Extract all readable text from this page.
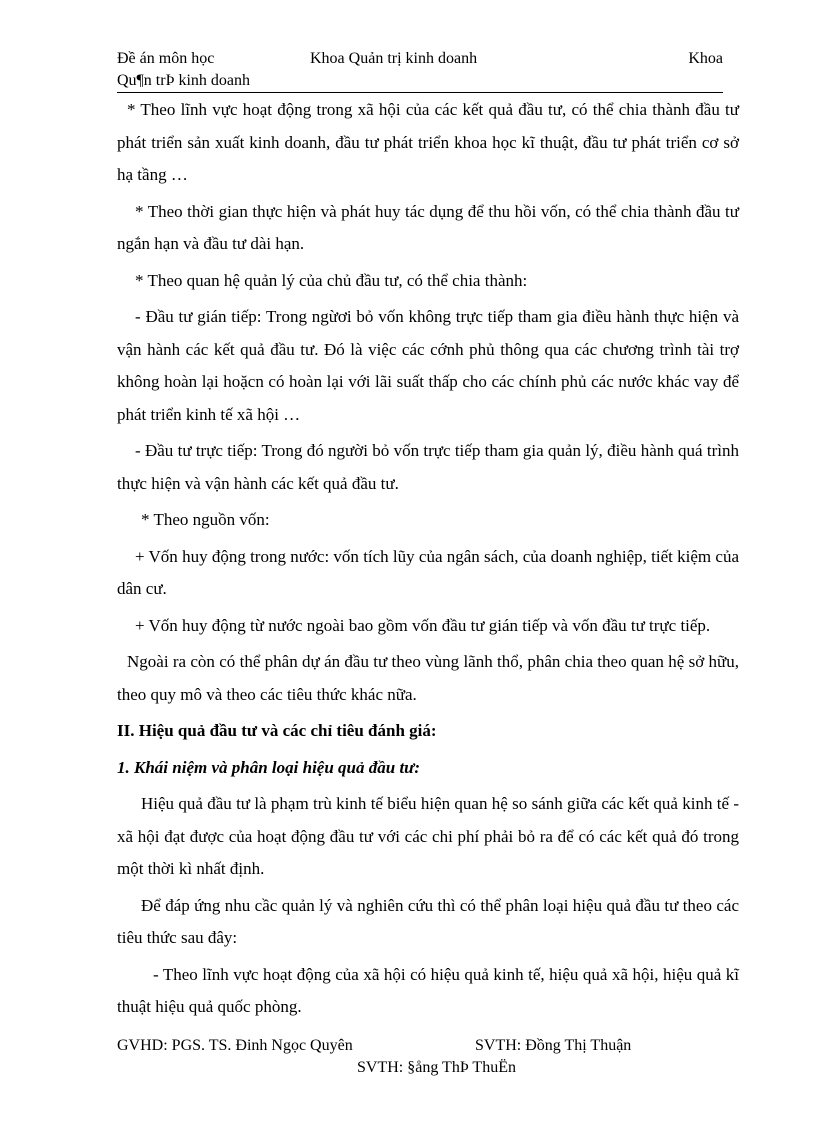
Đề án môn học	Khoa Quản trị kinh doanh	Khoa
Qu¶n trÞ kinh doanh

* Theo lĩnh vực hoạt động trong xã hội của các kết quả đầu tư, có thể chia thành đầu tư phát triển sản xuất kinh doanh, đầu tư phát triển khoa học kĩ thuật, đầu tư phát triển cơ sở hạ tầng …

* Theo thời gian thực hiện và phát huy tác dụng để thu hồi vốn, có thể chia thành đầu tư ngắn hạn và đầu tư dài hạn.

* Theo quan hệ quản lý của chủ đầu tư, có thể chia thành:

- Đầu tư gián tiếp: Trong ngừơi bỏ vốn không trực tiếp tham gia điều hành thực hiện và vận hành các kết quả đầu tư. Đó là việc các cớnh phủ thông qua các chương trình tài trợ không hoàn lại hoặcn có hoàn lại với lãi suất thấp cho các chính phủ các nước khác vay để phát triển kinh tế xã hội …

- Đầu tư trực tiếp: Trong đó người bỏ vốn trực tiếp tham gia quản lý, điều hành quá trình thực hiện và vận hành các kết quả đầu tư.

* Theo nguồn vốn:

+ Vốn huy động trong nước: vốn tích lũy của ngân sách, của doanh nghiệp, tiết kiệm của dân cư.

+ Vốn huy động từ nước ngoài bao gồm vốn đầu tư gián tiếp và vốn đầu tư trực tiếp.

Ngoài ra còn có thể phân dự án đầu tư theo vùng lãnh thổ, phân chia theo quan hệ sở hữu, theo quy mô và theo các tiêu thức khác nữa.

II. Hiệu quả đầu tư và các chỉ tiêu đánh giá:

1. Khái niệm và phân loại hiệu quả đầu tư:

Hiệu quả đầu tư là phạm trù kinh tế biểu hiện quan hệ so sánh giữa các kết quả kinh tế - xã hội đạt được của hoạt động đầu tư với các chi phí phải bỏ ra để có các kết quả đó trong một thời kì nhất định.

Để đáp ứng nhu cầc quản lý và nghiên cứu thì có thể phân loại hiệu quả đầu tư theo các tiêu thức sau đây:

- Theo lĩnh vực hoạt động của xã hội có hiệu quả kinh tế, hiệu quả xã hội, hiệu quả kĩ thuật hiệu quả quốc phòng.

GVHD: PGS. TS. Đinh Ngọc Quyên	SVTH: Đồng Thị Thuận
SVTH: §ång ThÞ ThuËn
